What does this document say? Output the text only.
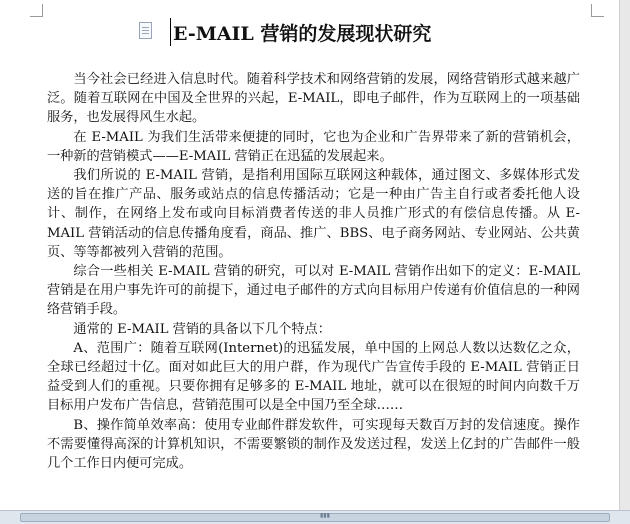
E-MAIL 营销的发展现状研究

当今社会已经进入信息时代。随着科学技术和网络营销的发展，网络营销形式越来越广泛。随着互联网在中国及全世界的兴起，E-MAIL，即电子邮件，作为互联网上的一项基础服务，也发展得风生水起。

在 E-MAIL 为我们生活带来便捷的同时，它也为企业和广告界带来了新的营销机会，一种新的营销模式——E-MAIL 营销正在迅猛的发展起来。

我们所说的 E-MAIL 营销，是指利用国际互联网这种载体，通过图文、多媒体形式发送的旨在推广产品、服务或站点的信息传播活动；它是一种由广告主自行或者委托他人设计、制作，在网络上发布或向目标消费者传送的非人员推广形式的有偿信息传播。从 E-MAIL 营销活动的信息传播角度看，商品、推广、BBS、电子商务网站、专业网站、公共黄页、等等都被列入营销的范围。

综合一些相关 E-MAIL 营销的研究，可以对 E-MAIL 营销作出如下的定义：E-MAIL 营销是在用户事先许可的前提下，通过电子邮件的方式向目标用户传递有价值信息的一种网络营销手段。

通常的 E-MAIL 营销的具备以下几个特点：

A、范围广：随着互联网(Internet)的迅猛发展，单中国的上网总人数以达数亿之众，全球已经超过十亿。面对如此巨大的用户群，作为现代广告宣传手段的 E-MAIL 营销正日益受到人们的重视。只要你拥有足够多的 E-MAIL 地址，就可以在很短的时间内向数千万目标用户发布广告信息，营销范围可以是全中国乃至全球……

B、操作简单效率高：使用专业邮件群发软件，可实现每天数百万封的发信速度。操作不需要懂得高深的计算机知识，不需要繁锁的制作及发送过程，发送上亿封的广告邮件一般几个工作日内便可完成。

▮▮▮
